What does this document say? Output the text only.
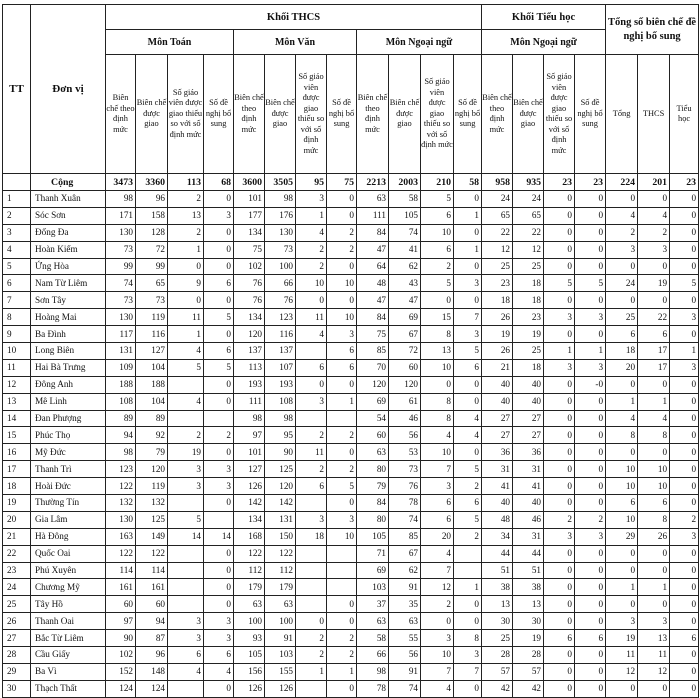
TT	Đơn vị	Khối THCS												Khối Tiểu học				Tổng số biên chế đề nghị bổ sung		
		Môn Toán				Môn Văn				Môn Ngoại ngữ				Môn Ngoại ngữ						
		Biên chế theo định mức	Biên chế được giao	Số giáo viên được giao thiếu so với số định mức	Số đề nghị bổ sung	Biên chế theo định mức	Biên chế được giao	Số giáo viên được giao thiếu so với số định mức	Số đề nghị bổ sung	Biên chế theo định mức	Biên chế được giao	Số giáo viên được giao thiếu so với số định mức	Số đề nghị bổ sung	Biên chế theo định mức	Biên chế được giao	Số giáo viên được giao thiếu so với số định mức	Số đề nghị bổ sung	Tổng	THCS	Tiểu học
	Cộng	3473	3360	113	68	3600	3505	95	75	2213	2003	210	58	958	935	23	23	224	201	23
1	Thanh Xuân	98	96	2	0	101	98	3	0	63	58	5	0	24	24	0	0	0	0	0
2	Sóc Sơn	171	158	13	3	177	176	1	0	111	105	6	1	65	65	0	0	4	4	0
3	Đống Đa	130	128	2	0	134	130	4	2	84	74	10	0	22	22	0	0	2	2	0
4	Hoàn Kiếm	73	72	1	0	75	73	2	2	47	41	6	1	12	12	0	0	3	3	0
5	Ứng Hòa	99	99	0	0	102	100	2	0	64	62	2	0	25	25	0	0	0	0	0
6	Nam Từ Liêm	74	65	9	6	76	66	10	10	48	43	5	3	23	18	5	5	24	19	5
7	Sơn Tây	73	73	0	0	76	76	0	0	47	47	0	0	18	18	0	0	0	0	0
8	Hoàng Mai	130	119	11	5	134	123	11	10	84	69	15	7	26	23	3	3	25	22	3
9	Ba Đình	117	116	1	0	120	116	4	3	75	67	8	3	19	19	0	0	6	6	0
10	Long Biên	131	127	4	6	137	137		6	85	72	13	5	26	25	1	1	18	17	1
11	Hai Bà Trưng	109	104	5	5	113	107	6	6	70	60	10	6	21	18	3	3	20	17	3
12	Đông Anh	188	188		0	193	193	0	0	120	120	0	0	40	40	0	-0	0	0	0
13	Mê Linh	108	104	4	0	111	108	3	1	69	61	8	0	40	40	0	0	1	1	0
14	Đan Phượng	89	89			98	98			54	46	8	4	27	27	0	0	4	4	0
15	Phúc Thọ	94	92	2	2	97	95	2	2	60	56	4	4	27	27	0	0	8	8	0
16	Mỹ Đức	98	79	19	0	101	90	11	0	63	53	10	0	36	36	0	0	0	0	0
17	Thanh Trì	123	120	3	3	127	125	2	2	80	73	7	5	31	31	0	0	10	10	0
18	Hoài Đức	122	119	3	3	126	120	6	5	79	76	3	2	41	41	0	0	10	10	0
19	Thường Tín	132	132		0	142	142		0	84	78	6	6	40	40	0	0	6	6	0
20	Gia Lâm	130	125	5		134	131	3	3	80	74	6	5	48	46	2	2	10	8	2
21	Hà Đông	163	149	14	14	168	150	18	10	105	85	20	2	34	31	3	3	29	26	3
22	Quốc Oai	122	122		0	122	122			71	67	4		44	44	0	0	0	0	0
23	Phú Xuyên	114	114		0	112	112			69	62	7		51	51	0	0	0	0	0
24	Chương Mỹ	161	161		0	179	179			103	91	12	1	38	38	0	0	1	1	0
25	Tây Hồ	60	60		0	63	63		0	37	35	2	0	13	13	0	0	0	0	0
26	Thanh Oai	97	94	3	3	100	100	0	0	63	63	0	0	30	30	0	0	3	3	0
27	Bắc Từ Liêm	90	87	3	3	93	91	2	2	58	55	3	8	25	19	6	6	19	13	6
28	Cầu Giấy	102	96	6	6	105	103	2	2	66	56	10	3	28	28	0	0	11	11	0
29	Ba Vì	152	148	4	4	156	155	1	1	98	91	7	7	57	57	0	0	12	12	0
30	Thạch Thất	124	124		0	126	126		0	78	74	4	0	42	42	0	0	0	0	0
